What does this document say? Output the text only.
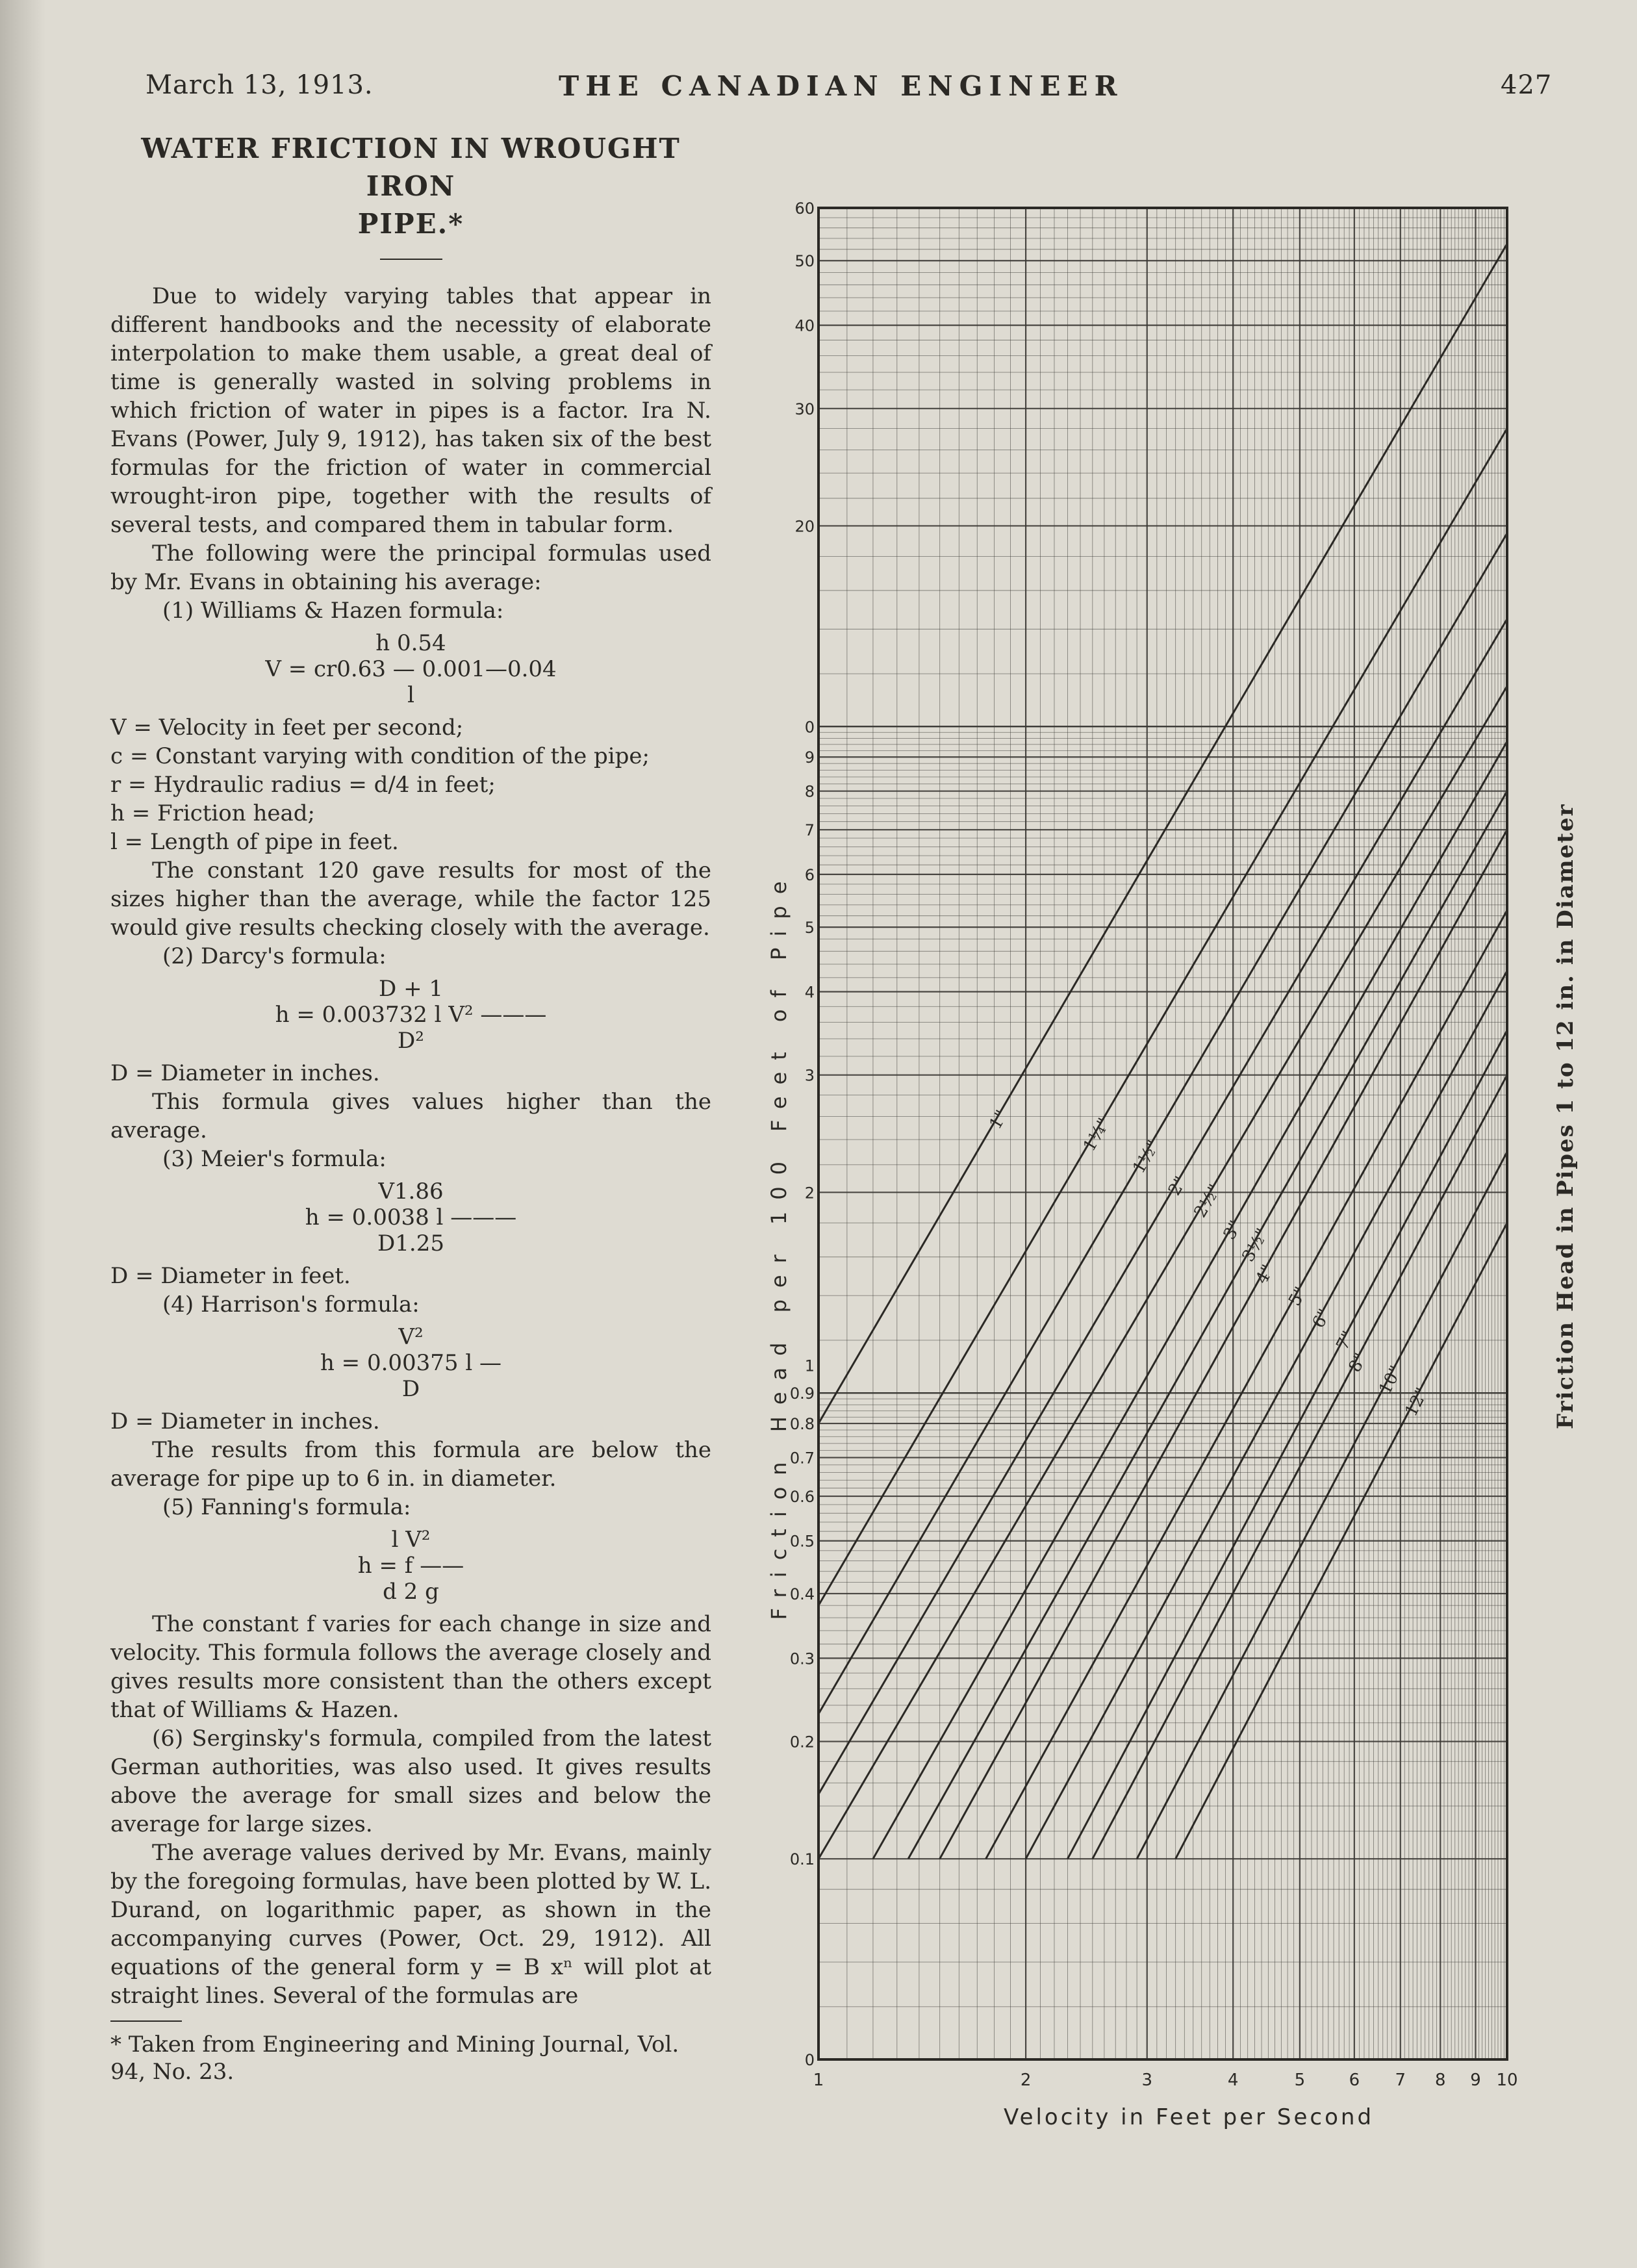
March 13, 1913.	THE CANADIAN ENGINEER	427

WATER FRICTION IN WROUGHT IRON

PIPE.*

Due to widely varying tables that appear in different handbooks and the necessity of elaborate interpolation to make them usable, a great deal of time is generally wasted in solving problems in which friction of water in pipes is a factor. Ira N. Evans (Power, July 9, 1912), has taken six of the best formulas for the friction of water in commercial wrought-iron pipe, together with the results of several tests, and compared them in tabular form.

The following were the principal formulas used by Mr. Evans in obtaining his average:

(1) Williams & Hazen formula:

h 0.54
V = cr0.63 — 0.001—0.04
l

V = Velocity in feet per second;

c = Constant varying with condition of the pipe;

r = Hydraulic radius = d/4 in feet;

h = Friction head;

l = Length of pipe in feet.

The constant 120 gave results for most of the sizes higher than the average, while the factor 125 would give results checking closely with the average.

(2) Darcy's formula:

D + 1
h = 0.003732 l V² ———
D²

D = Diameter in inches.

This formula gives values higher than the average.

(3) Meier's formula:

V1.86
h = 0.0038 l ———
D1.25

D = Diameter in feet.

(4) Harrison's formula:

V²
h = 0.00375 l —
D

D = Diameter in inches.

The results from this formula are below the average for pipe up to 6 in. in diameter.

(5) Fanning's formula:

l V²
h = f ——
d 2 g

The constant f varies for each change in size and velocity. This formula follows the average closely and gives results more consistent than the others except that of Williams & Hazen.

(6) Serginsky's formula, compiled from the latest German authorities, was also used. It gives results above the average for small sizes and below the average for large sizes.

The average values derived by Mr. Evans, mainly by the foregoing formulas, have been plotted by W. L. Durand, on logarithmic paper, as shown in the accompanying curves (Power, Oct. 29, 1912). All equations of the general form y = B xⁿ will plot at straight lines. Several of the formulas are

* Taken from Engineering and Mining Journal, Vol. 94, No. 23.	1	2	3	4	5	6 7 8 9 10
0
0.1
0.2
0.3
0.4
0.5
0.6
0.7
0.8
0.9
1
2
3
4
5
6
7
8
9
0
20
30
40
50
60
1"	1¼"
1½"
2" 2½"
3"
3½"
4"
5"
6"
7"
8" 10"
12"
Velocity in Feet per Second
Friction Head per 100 Feet of Pipe	Friction Head in Pipes 1 to 12 in. in Diameter
